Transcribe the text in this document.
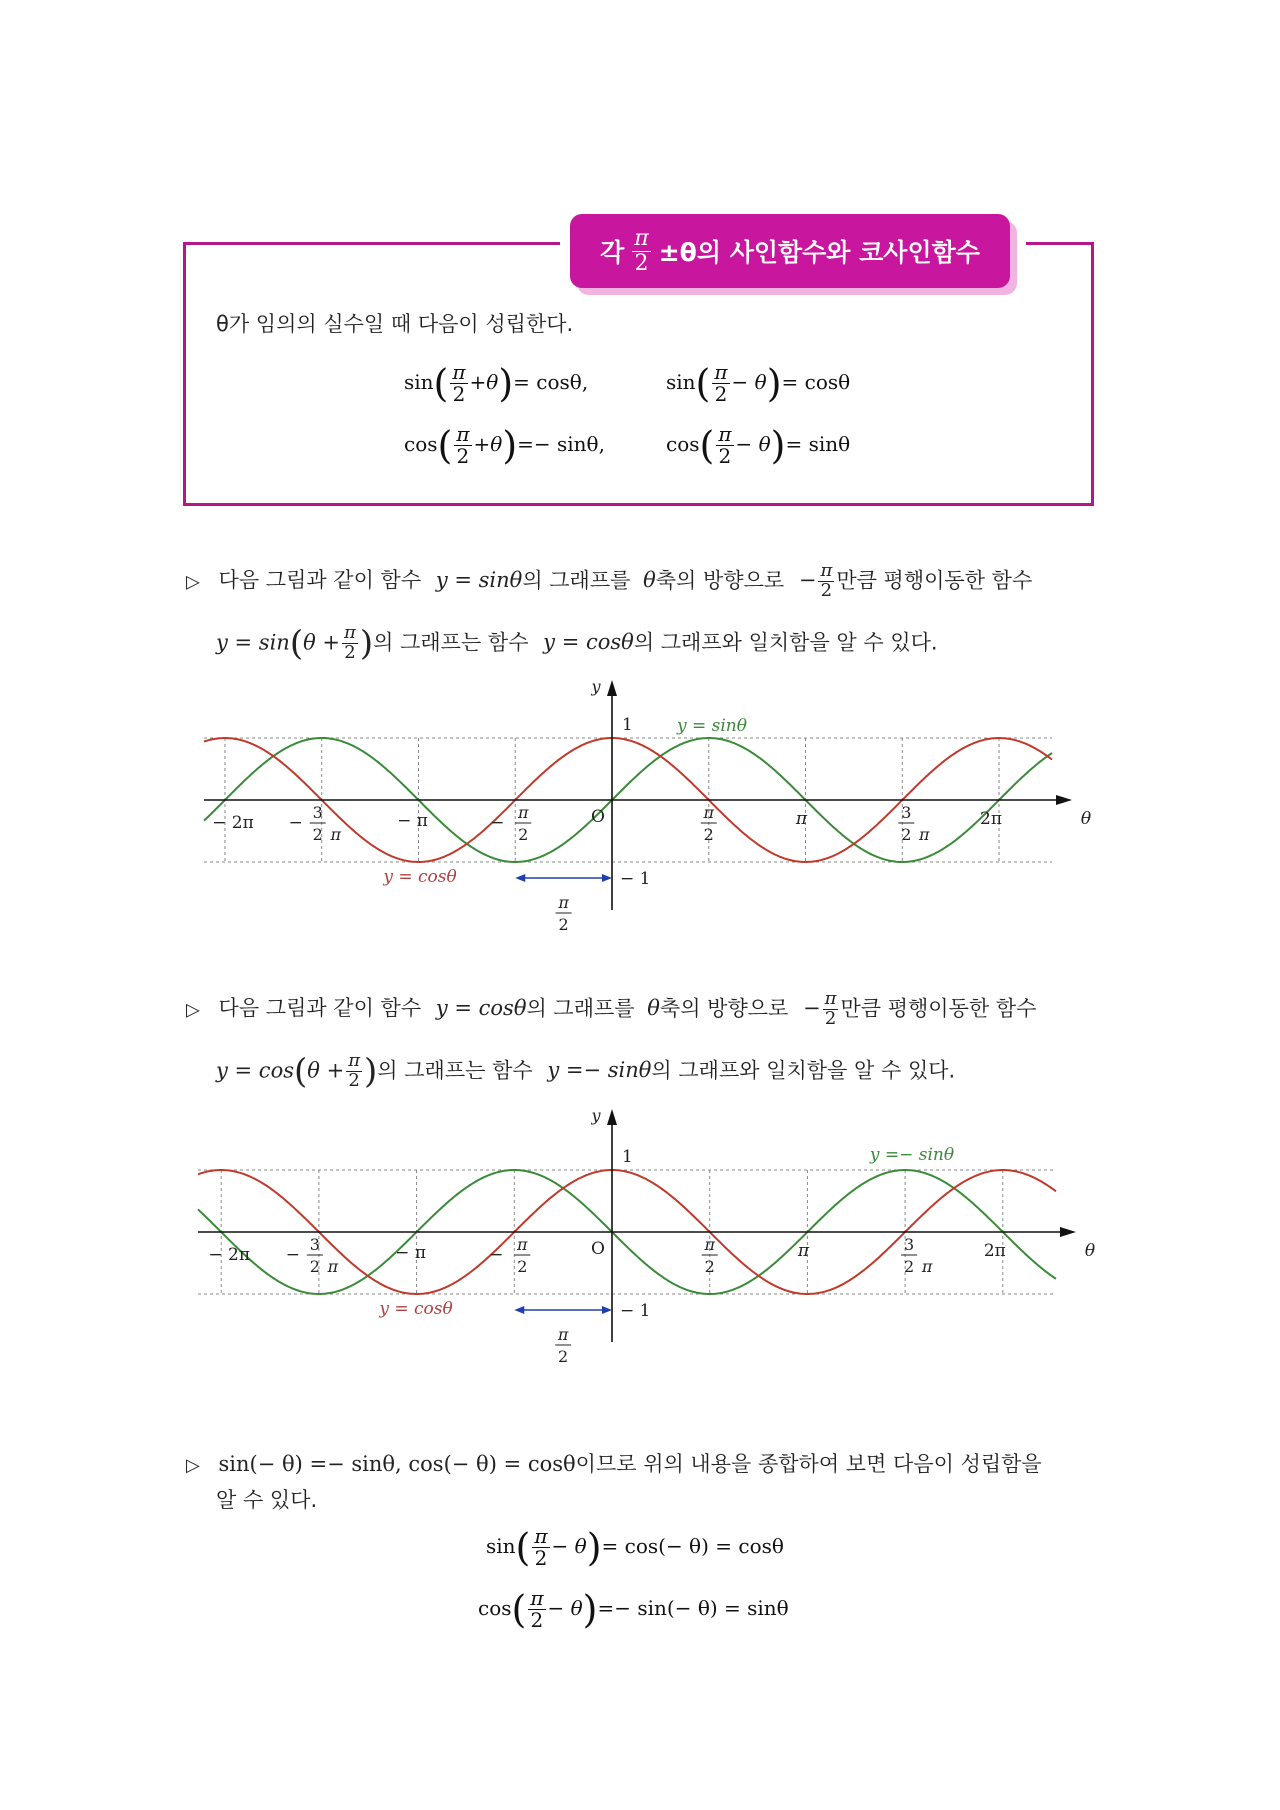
각 $\frac{\pi}{2} \pm\theta$의 사인함수와 코사인함수
θ가 임의의 실수일 때 다음이 성립한다.
$\sin( \frac{\pi}{2} +\theta)= \cos\theta$,	$\sin( \frac{\pi}{2} - \theta)= \cos\theta$
$\cos( \frac{\pi}{2} +\theta)=- \sin\theta$,	$\cos( \frac{\pi}{2} - \theta)= \sin\theta$
▷ 다음 그림과 같이 함수 y = sinθ의 그래프를 θ축의 방향으로 − $\frac{\pi}{2}$ 만큼 평행이동한 함수
$y = \sin(\theta + \frac{\pi}{2}$ )의 그래프는 함수 y = cosθ의 그래프와 일치함을 알 수 있다.
y
θ
O
1
− 1
− 2π −
3
2 π
− π	−
π
2
π
2
π	3
2 π
2π
y = sinθ
y = cosθ
π
2
y
θ
O
1
− 1
− 2π −
3
2 π
− π	−
π
2
π
2
π	3
2 π
2π
y =− sinθ
y = cosθ
π
2
▷ 다음 그림과 같이 함수 y = cosθ의 그래프를 θ축의 방향으로 − $\frac{\pi}{2}$ 만큼 평행이동한 함수
$y = \cos(\theta + \frac{\pi}{2}$ )의 그래프는 함수 y =− sinθ의 그래프와 일치함을 알 수 있다.
▷ sin(− θ) =− sinθ, cos(− θ) = cosθ이므로 위의 내용을 종합하여 보면 다음이 성립함을
알 수 있다.
$\sin( \frac{\pi}{2} - \theta)= \cos(- \theta) = \cos\theta$
$\cos( \frac{\pi}{2} - \theta)=- \sin(- \theta) = \sin\theta$
